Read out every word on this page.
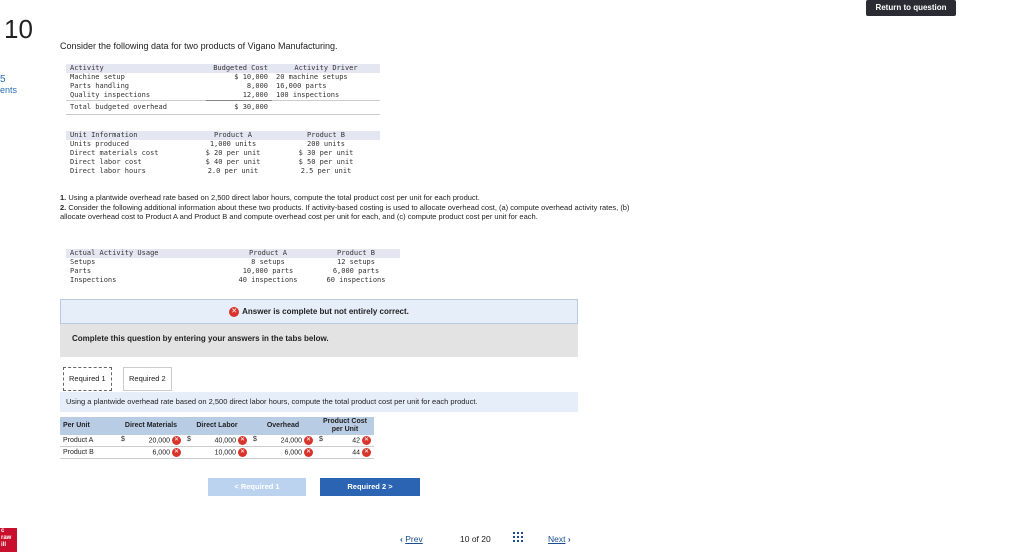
10
5
ents
Return to question
Consider the following data for two products of Vigano Manufacturing.
Activity	Budgeted Cost	Activity Driver
Machine setup	$ 10,000	20 machine setups
Parts handling	8,000	16,000 parts
Quality inspections	12,000	100 inspections
Total budgeted overhead	$ 30,000	
Unit Information	Product A	Product B
Units produced	1,000 units	200 units
Direct materials cost	$ 20 per unit	$ 30 per unit
Direct labor cost	$ 40 per unit	$ 50 per unit
Direct labor hours	2.0 per unit	2.5 per unit
1. Using a plantwide overhead rate based on 2,500 direct labor hours, compute the total product cost per unit for each product.
2. Consider the following additional information about these two products. If activity-based costing is used to allocate overhead cost, (a) compute overhead activity rates, (b) allocate overhead cost to Product A and Product B and compute overhead cost per unit for each, and (c) compute product cost per unit for each.
Actual Activity Usage	Product A	Product B
Setups	8 setups	12 setups
Parts	10,000 parts	6,000 parts
Inspections	40 inspections	60 inspections
✕ Answer is complete but not entirely correct.
Complete this question by entering your answers in the tabs below.
Required 1	Required 2
Using a plantwide overhead rate based on 2,500 direct labor hours, compute the total product cost per unit for each product.
Per Unit	Direct Materials	Direct Labor	Overhead	Product Cost per Unit
Product A	$ 20,000 ✕	$ 40,000 ✕	$ 24,000 ✕	$ 42 ✕
Product B	6,000 ✕	10,000 ✕	6,000 ✕	44 ✕
< Required 1	Required 2 >
c
raw
ill
‹ Prev	10 of 20	Next ›
